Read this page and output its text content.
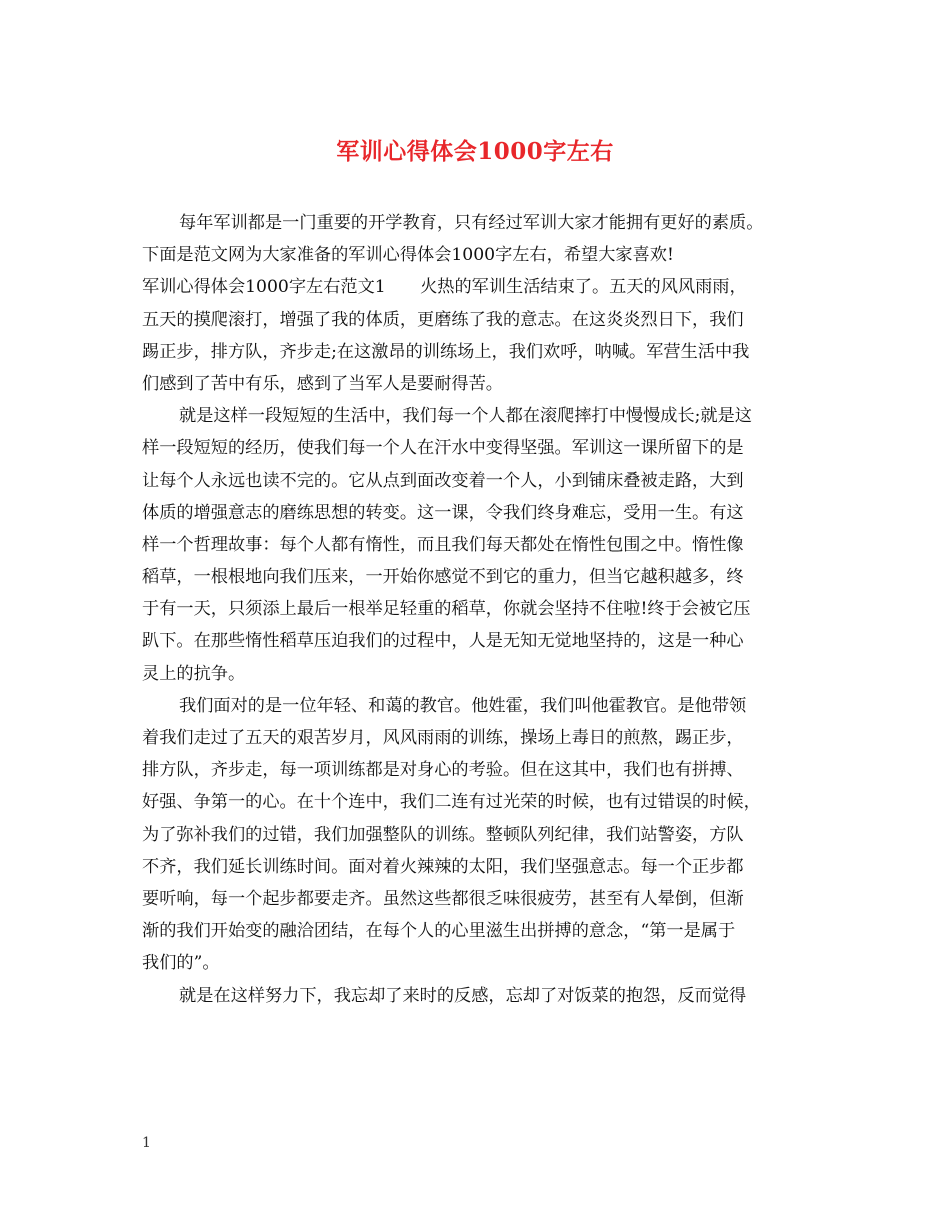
军训心得体会1000字左右
每年军训都是一门重要的开学教育，只有经过军训大家才能拥有更好的素质。
下面是范文网为大家准备的军训心得体会1000字左右，希望大家喜欢!
军训心得体会1000字左右范文1　　火热的军训生活结束了。五天的风风雨雨，
五天的摸爬滚打，增强了我的体质，更磨练了我的意志。在这炎炎烈日下，我们
踢正步，排方队，齐步走;在这激昂的训练场上，我们欢呼，呐喊。军营生活中我
们感到了苦中有乐，感到了当军人是要耐得苦。
就是这样一段短短的生活中，我们每一个人都在滚爬摔打中慢慢成长;就是这
样一段短短的经历，使我们每一个人在汗水中变得坚强。军训这一课所留下的是
让每个人永远也读不完的。它从点到面改变着一个人，小到铺床叠被走路，大到
体质的增强意志的磨练思想的转变。这一课，令我们终身难忘，受用一生。有这
样一个哲理故事：每个人都有惰性，而且我们每天都处在惰性包围之中。惰性像
稻草，一根根地向我们压来，一开始你感觉不到它的重力，但当它越积越多，终
于有一天，只须添上最后一根举足轻重的稻草，你就会坚持不住啦!终于会被它压
趴下。在那些惰性稻草压迫我们的过程中，人是无知无觉地坚持的，这是一种心
灵上的抗争。
我们面对的是一位年轻、和蔼的教官。他姓霍，我们叫他霍教官。是他带领
着我们走过了五天的艰苦岁月，风风雨雨的训练，操场上毒日的煎熬，踢正步，
排方队，齐步走，每一项训练都是对身心的考验。但在这其中，我们也有拼搏、
好强、争第一的心。在十个连中，我们二连有过光荣的时候，也有过错误的时候，
为了弥补我们的过错，我们加强整队的训练。整顿队列纪律，我们站警姿，方队
不齐，我们延长训练时间。面对着火辣辣的太阳，我们坚强意志。每一个正步都
要听响，每一个起步都要走齐。虽然这些都很乏味很疲劳，甚至有人晕倒，但渐
渐的我们开始变的融洽团结，在每个人的心里滋生出拼搏的意念，“第一是属于
我们的”。
就是在这样努力下，我忘却了来时的反感，忘却了对饭菜的抱怨，反而觉得
1
